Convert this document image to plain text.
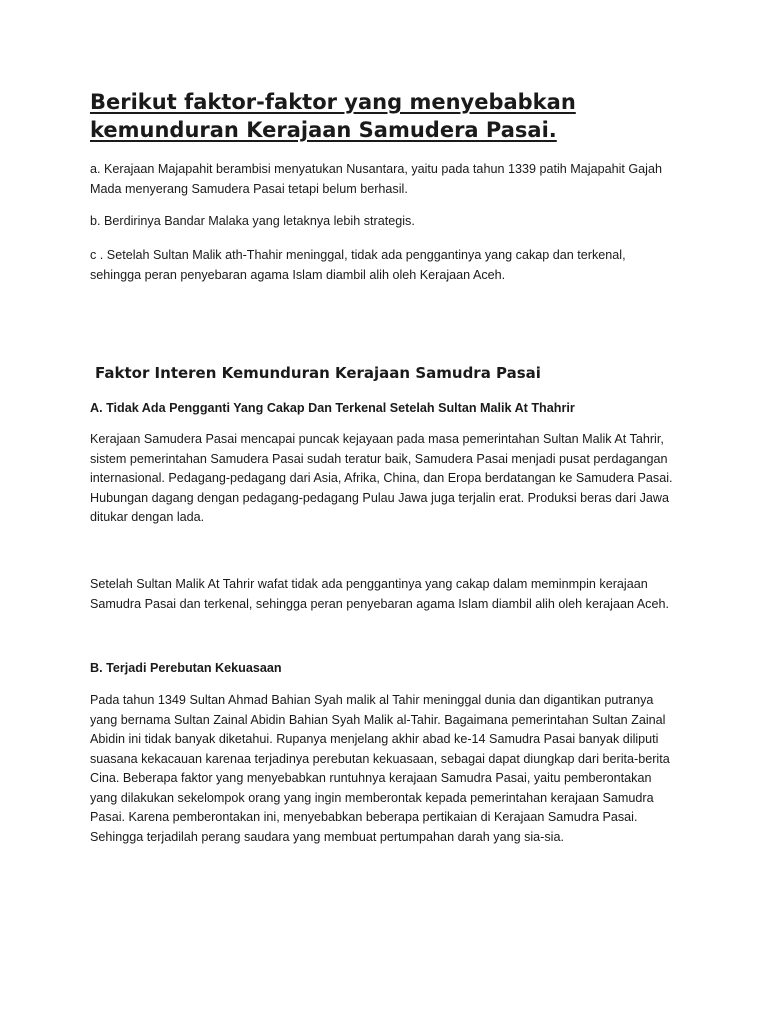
Berikut faktor-faktor yang menyebabkan kemunduran Kerajaan Samudera Pasai.

a. Kerajaan Majapahit berambisi menyatukan Nusantara, yaitu pada tahun 1339 patih Majapahit Gajah Mada menyerang Samudera Pasai tetapi belum berhasil.

b. Berdirinya Bandar Malaka yang letaknya lebih strategis.

c . Setelah Sultan Malik ath-Thahir meninggal, tidak ada penggantinya yang cakap dan terkenal, sehingga peran penyebaran agama Islam diambil alih oleh Kerajaan Aceh.

Faktor Interen Kemunduran Kerajaan Samudra Pasai

A. Tidak Ada Pengganti Yang Cakap Dan Terkenal Setelah Sultan Malik At Thahrir

Kerajaan Samudera Pasai mencapai puncak kejayaan pada masa pemerintahan Sultan Malik At Tahrir, sistem pemerintahan Samudera Pasai sudah teratur baik, Samudera Pasai menjadi pusat perdagangan internasional. Pedagang-pedagang dari Asia, Afrika, China, dan Eropa berdatangan ke Samudera Pasai. Hubungan dagang dengan pedagang-pedagang Pulau Jawa juga terjalin erat. Produksi beras dari Jawa ditukar dengan lada.

Setelah Sultan Malik At Tahrir wafat tidak ada penggantinya yang cakap dalam meminmpin kerajaan Samudra Pasai dan terkenal, sehingga peran penyebaran agama Islam diambil alih oleh kerajaan Aceh.

B. Terjadi Perebutan Kekuasaan

Pada tahun 1349 Sultan Ahmad Bahian Syah malik al Tahir meninggal dunia dan digantikan putranya yang bernama Sultan Zainal Abidin Bahian Syah Malik al-Tahir. Bagaimana pemerintahan Sultan Zainal Abidin ini tidak banyak diketahui. Rupanya menjelang akhir abad ke-14 Samudra Pasai banyak diliputi suasana kekacauan karenaa terjadinya perebutan kekuasaan, sebagai dapat diungkap dari berita-berita Cina. Beberapa faktor yang menyebabkan runtuhnya kerajaan Samudra Pasai, yaitu pemberontakan yang dilakukan sekelompok orang yang ingin memberontak kepada pemerintahan kerajaan Samudra Pasai. Karena pemberontakan ini, menyebabkan beberapa pertikaian di Kerajaan Samudra Pasai. Sehingga terjadilah perang saudara yang membuat pertumpahan darah yang sia-sia.
